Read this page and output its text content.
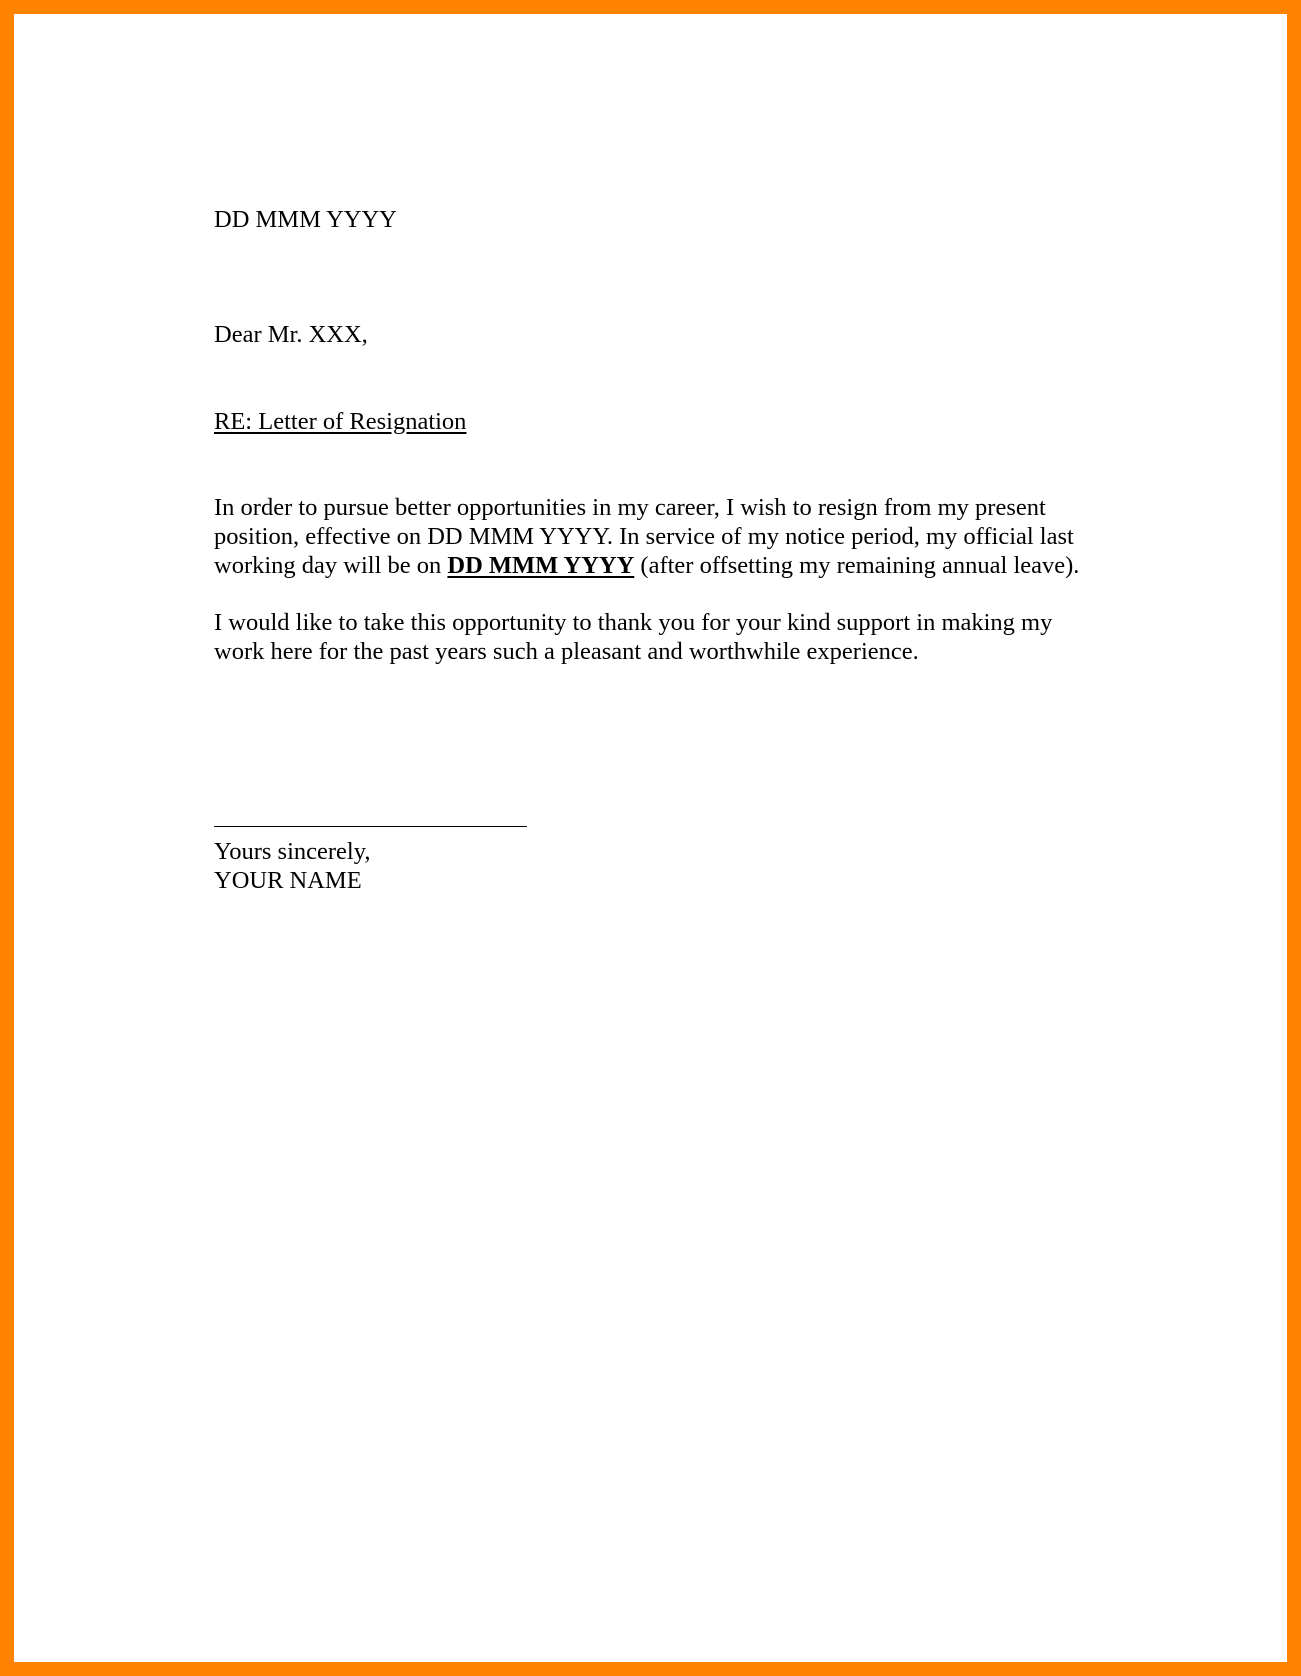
DD MMM YYYY
Dear Mr. XXX,
RE: Letter of Resignation
In order to pursue better opportunities in my career, I wish to resign from my present
position, effective on DD MMM YYYY. In service of my notice period, my official last
working day will be on DD MMM YYYY (after offsetting my remaining annual leave).
I would like to take this opportunity to thank you for your kind support in making my
work here for the past years such a pleasant and worthwhile experience.
Yours sincerely,
YOUR NAME
